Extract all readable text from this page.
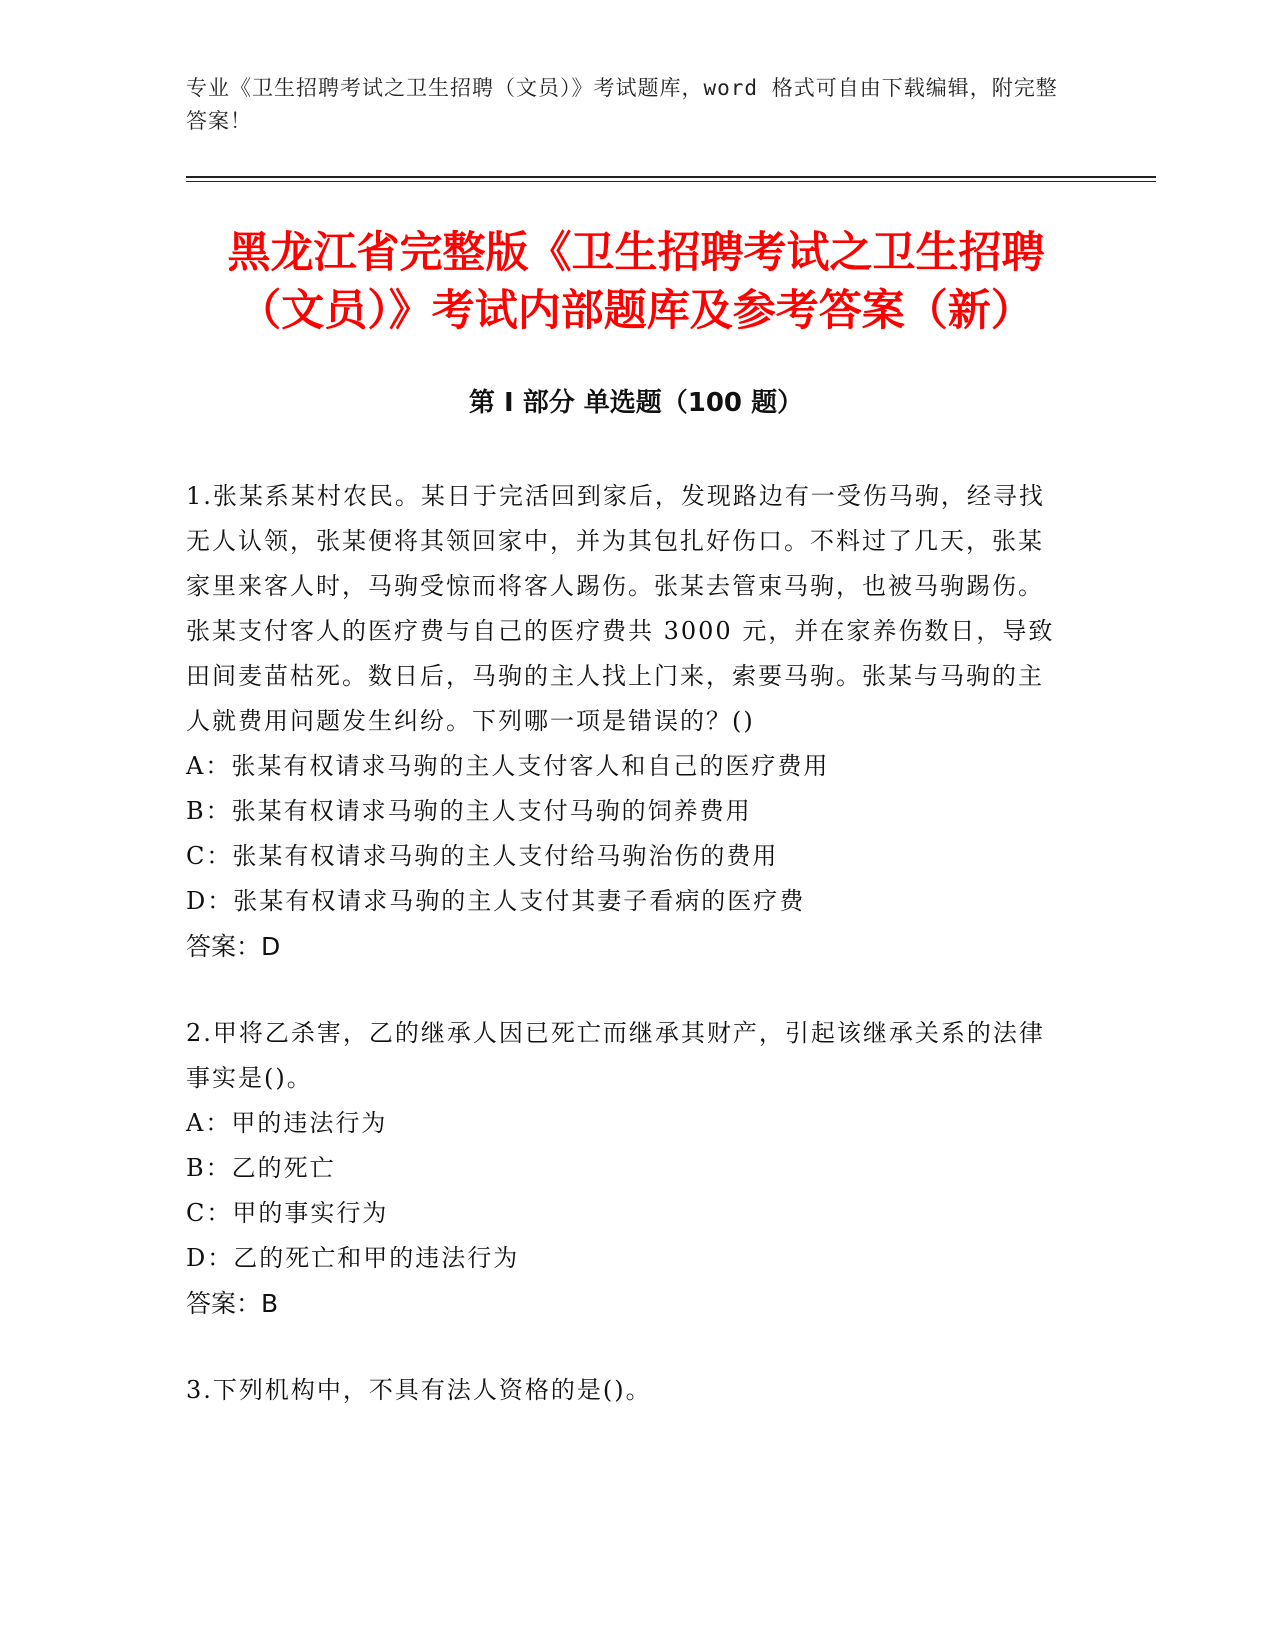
专业《卫生招聘考试之卫生招聘（文员）》考试题库，word 格式可自由下载编辑，附完整答案！
黑龙江省完整版《卫生招聘考试之卫生招聘（文员）》考试内部题库及参考答案（新）
第 I 部分 单选题（100 题）

1.张某系某村农民。某日于完活回到家后，发现路边有一受伤马驹，经寻找无人认领，张某便将其领回家中，并为其包扎好伤口。不料过了几天，张某家里来客人时，马驹受惊而将客人踢伤。张某去管束马驹，也被马驹踢伤。张某支付客人的医疗费与自己的医疗费共 3000 元，并在家养伤数日，导致田间麦苗枯死。数日后，马驹的主人找上门来，索要马驹。张某与马驹的主人就费用问题发生纠纷。下列哪一项是错误的？()

A：张某有权请求马驹的主人支付客人和自己的医疗费用

B：张某有权请求马驹的主人支付马驹的饲养费用

C：张某有权请求马驹的主人支付给马驹治伤的费用

D：张某有权请求马驹的主人支付其妻子看病的医疗费

答案：D

2.甲将乙杀害，乙的继承人因已死亡而继承其财产，引起该继承关系的法律事实是()。

A：甲的违法行为

B：乙的死亡

C：甲的事实行为

D：乙的死亡和甲的违法行为

答案：B

3.下列机构中，不具有法人资格的是()。
